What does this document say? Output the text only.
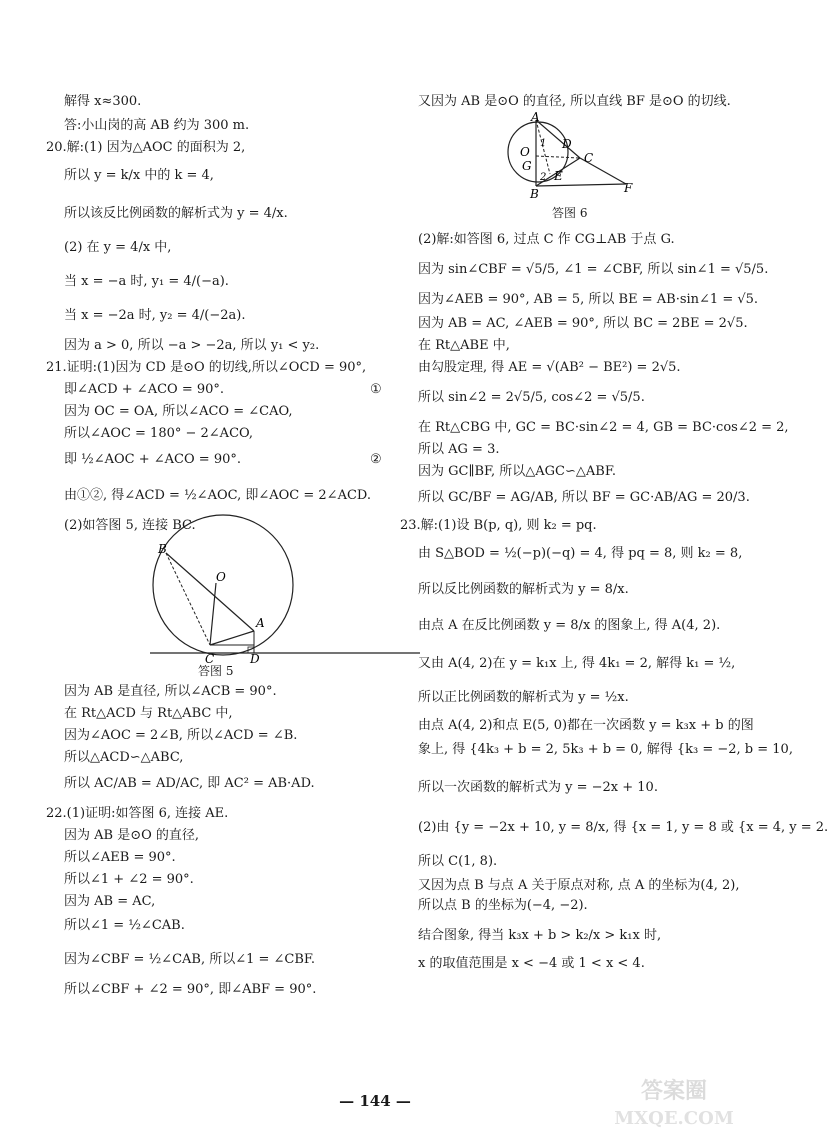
解得 x≈300.
答:小山岗的高 AB 约为 300 m.
20.解:(1) 因为△AOC 的面积为 2,
所以 y = k/x 中的 k = 4,
所以该反比例函数的解析式为 y = 4/x.
(2) 在 y = 4/x 中,
当 x = −a 时, y₁ = 4/(−a).
当 x = −2a 时, y₂ = 4/(−2a).
因为 a > 0, 所以 −a > −2a, 所以 y₁ < y₂.
21.证明:(1)因为 CD 是⊙O 的切线,所以∠OCD = 90°,
即∠ACD + ∠ACO = 90°.
因为 OC = OA, 所以∠ACO = ∠CAO,
所以∠AOC = 180° − 2∠ACO,
即 ½∠AOC + ∠ACO = 90°.
由①②, 得∠ACD = ½∠AOC, 即∠AOC = 2∠ACD.
(2)如答图 5, 连接 BC.
因为 AB 是直径, 所以∠ACB = 90°.
在 Rt△ACD 与 Rt△ABC 中,
因为∠AOC = 2∠B, 所以∠ACD = ∠B.
所以△ACD∽△ABC,
所以 AC/AB = AD/AC, 即 AC² = AB·AD.
22.(1)证明:如答图 6, 连接 AE.
因为 AB 是⊙O 的直径,
所以∠AEB = 90°.
所以∠1 + ∠2 = 90°.
因为 AB = AC,
所以∠1 = ½∠CAB.
因为∠CBF = ½∠CAB, 所以∠1 = ∠CBF.
所以∠CBF + ∠2 = 90°, 即∠ABF = 90°.
又因为 AB 是⊙O 的直径, 所以直线 BF 是⊙O 的切线.
(2)解:如答图 6, 过点 C 作 CG⊥AB 于点 G.
因为 sin∠CBF = √5/5, ∠1 = ∠CBF, 所以 sin∠1 = √5/5.
因为∠AEB = 90°, AB = 5, 所以 BE = AB·sin∠1 = √5.
因为 AB = AC, ∠AEB = 90°, 所以 BC = 2BE = 2√5.
在 Rt△ABE 中,
由勾股定理, 得 AE = √(AB² − BE²) = 2√5.
所以 sin∠2 = 2√5/5, cos∠2 = √5/5.
在 Rt△CBG 中, GC = BC·sin∠2 = 4, GB = BC·cos∠2 = 2,
所以 AG = 3.
因为 GC∥BF, 所以△AGC∽△ABF.
所以 GC/BF = AG/AB, 所以 BF = GC·AB/AG = 20/3.
23.解:(1)设 B(p, q), 则 k₂ = pq.
由 S△BOD = ½(−p)(−q) = 4, 得 pq = 8, 则 k₂ = 8,
所以反比例函数的解析式为 y = 8/x.
由点 A 在反比例函数 y = 8/x 的图象上, 得 A(4, 2).
又由 A(4, 2)在 y = k₁x 上, 得 4k₁ = 2, 解得 k₁ = ½,
所以正比例函数的解析式为 y = ½x.
由点 A(4, 2)和点 E(5, 0)都在一次函数 y = k₃x + b 的图
象上, 得 {4k₃ + b = 2, 5k₃ + b = 0, 解得 {k₃ = −2, b = 10,
所以一次函数的解析式为 y = −2x + 10.
(2)由 {y = −2x + 10, y = 8/x, 得 {x = 1, y = 8 或 {x = 4, y = 2.
所以 C(1, 8).
又因为点 B 与点 A 关于原点对称, 点 A 的坐标为(4, 2),
所以点 B 的坐标为(−4, −2).
结合图象, 得当 k₃x + b > k₂/x > k₁x 时,
x 的取值范围是 x < −4 或 1 < x < 4.
①
②
B
O
A
C	D
答图 5
A
O
G
D
C
E
B	F
1
2
答图 6
— 144 —	答案圈
MXQE.COM
